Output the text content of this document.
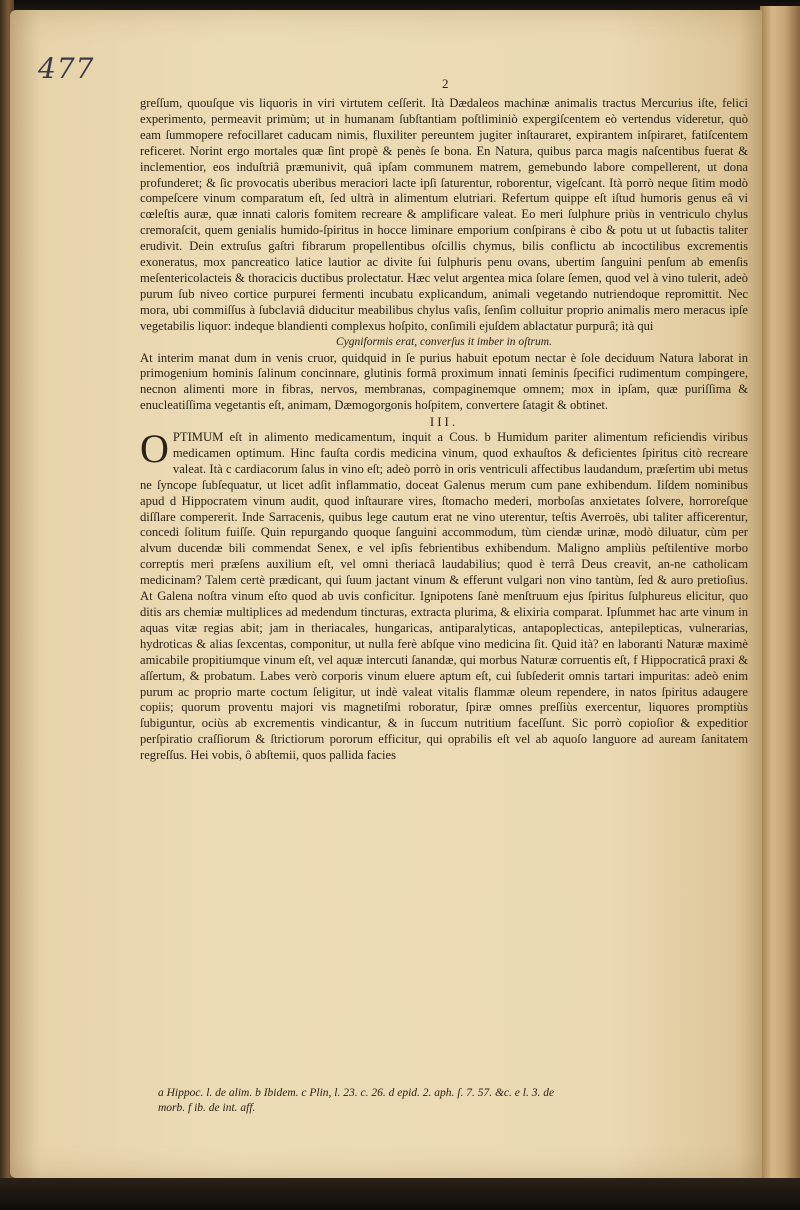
477	2

greſſum, quouſque vis liquoris in viri virtutem ceſſerit. Ità Dædaleos machinæ animalis tractus Mercurius iſte, felici experimento, permeavit primùm; ut in humanam ſubſtantiam poſtliminiò expergiſcentem eò vertendus videretur, quò eam ſummopere refocillaret caducam nimis, fluxiliter pereuntem jugiter inſtauraret, expirantem inſpiraret, fatiſcentem reficeret. Norint ergo mortales quæ ſint propè & penès ſe bona. En Natura, quibus parca magis naſcentibus fuerat & inclementior, eos induſtriâ præmunivit, quâ ipſam communem matrem, gemebundo labore compellerent, ut dona profunderet; & ſic provocatis uberibus meraciori lacte ipſi ſaturentur, roborentur, vigeſcant. Ità porrò neque ſitim modò compeſcere vinum comparatum eſt, ſed ultrà in alimentum elutriari. Refertum quippe eſt iſtud humoris genus eâ vi cœleſtis auræ, quæ innati caloris fomitem recreare & amplificare valeat. Eo meri ſulphure priùs in ventriculo chylus cremoraſcit, quem genialis humido-ſpiritus in hocce liminare emporium conſpirans è cibo & potu ut ut ſubactis taliter erudivit. Dein extruſus gaſtri fibrarum propellentibus oſcillis chymus, bilis conflictu ab incoctilibus excrementis exoneratus, mox pancreatico latice lautior ac divite ſui ſulphuris penu ovans, ubertim ſanguini penſum ab emenſis meſentericolacteis & thoracicis ductibus prolectatur. Hæc velut argentea mica ſolare ſemen, quod vel à vino tulerit, adeò purum ſub niveo cortice purpurei fermenti incubatu explicandum, animali vegetando nutriendoque repromittit. Nec mora, ubi commiſſus à ſubclaviâ diducitur meabilibus chylus vaſis, ſenſim colluitur proprio animalis mero meracus ipſe vegetabilis liquor: indeque blandienti complexus hoſpito, conſimili ejuſdem ablactatur purpurâ; ità qui

Cygniformis erat, converſus it imber in oſtrum.

At interim manat dum in venis cruor, quidquid in ſe purius habuit epotum nectar è ſole deciduum Natura laborat in primogenium hominis ſalinum concinnare, glutinis formâ proximum innati ſeminis ſpecifici rudimentum compingere, necnon alimenti more in fibras, nervos, membranas, compaginemque omnem; mox in ipſam, quæ puriſſima & enucleatiſſima vegetantis eſt, animam, Dæmogorgonis hoſpitem, convertere ſatagit & obtinet.

III.

OPTIMUM eſt in alimento medicamentum, inquit a Cous. b Humidum pariter alimentum reficiendis viribus medicamen optimum. Hinc fauſta cordis medicina vinum, quod exhauſtos & deficientes ſpiritus citò recreare valeat. Ità c cardiacorum ſalus in vino eſt; adeò porrò in oris ventriculi affectibus laudandum, præſertim ubi metus ne ſyncope ſubſequatur, ut licet adſit inflammatio, doceat Galenus merum cum pane exhibendum. Iiſdem nominibus apud d Hippocratem vinum audit, quod inſtaurare vires, ſtomacho mederi, morboſas anxietates ſolvere, horroreſque diſſlare compererit. Inde Sarracenis, quibus lege cautum erat ne vino uterentur, teſtis Averroës, ubi taliter afficerentur, concedi ſolitum fuiſſe. Quin repurgando quoque ſanguini accommodum, tùm ciendæ urinæ, modò diluatur, cùm per alvum ducendæ bili commendat Senex, e vel ipſis febrientibus exhibendum. Maligno ampliùs peſtilentive morbo correptis meri præſens auxilium eſt, vel omni theriacâ laudabilius; quod è terrâ Deus creavit, an-ne catholicam medicinam? Talem certè prædicant, qui ſuum jactant vinum & efferunt vulgari non vino tantùm, ſed & auro pretioſius. At Galena noſtra vinum eſto quod ab uvis conficitur. Ignipotens ſanè menſtruum ejus ſpiritus ſulphureus elicitur, quo ditis ars chemiæ multiplices ad medendum tincturas, extracta plurima, & elixiria comparat. Ipſummet hac arte vinum in aquas vitæ regias abit; jam in theriacales, hungaricas, antiparalyticas, antapoplecticas, antepilepticas, vulnerarias, hydroticas & alias ſexcentas, componitur, ut nulla ferè abſque vino medicina ſit. Quid ità? en laboranti Naturæ maximè amicabile propitiumque vinum eſt, vel aquæ intercuti ſanandæ, qui morbus Naturæ corruentis eſt, f Hippocraticâ praxi & aſſertum, & probatum. Labes verò corporis vinum eluere aptum eſt, cui ſubſederit omnis tartari impuritas: adeò enim purum ac proprio marte coctum ſeligitur, ut indè valeat vitalis flammæ oleum rependere, in natos ſpiritus adaugere copiis; quorum proventu majori vis magnetiſmi roboratur, ſpiræ omnes preſſiùs exercentur, liquores promptiùs ſubiguntur, ociùs ab excrementis vindicantur, & in ſuccum nutritium faceſſunt. Sic porrò copioſior & expeditior perſpiratio craſſiorum & ſtrictiorum pororum efficitur, qui oprabilis eſt vel ab aquoſo languore ad auream ſanitatem regreſſus. Hei vobis, ô abſtemii, quos pallida facies

a Hippoc. l. de alim. b Ibidem. c Plin, l. 23. c. 26. d epid. 2. aph. ſ. 7. 57. &c. e l. 3. de
morb. f ib. de int. aff.
